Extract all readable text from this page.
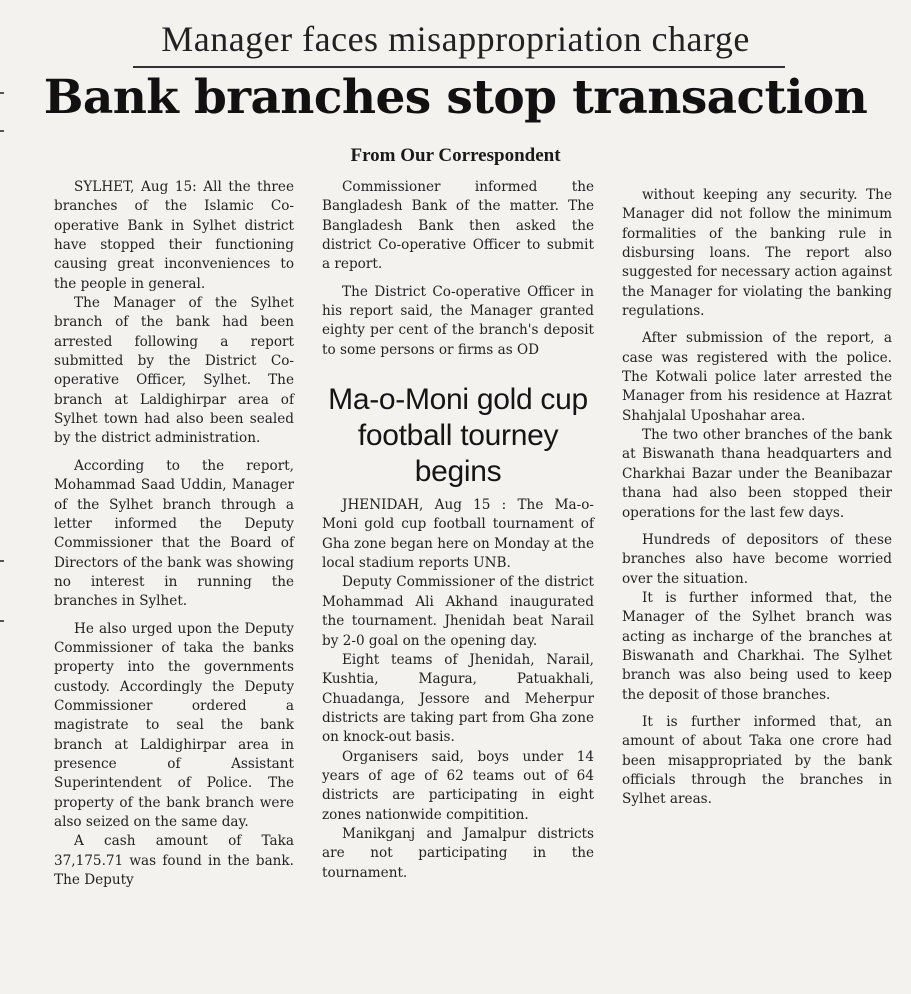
Manager faces misappropriation charge
Bank branches stop transaction
From Our Correspondent

SYLHET, Aug 15: All the three branches of the Islamic Co-operative Bank in Sylhet district have stopped their functioning causing great inconveniences to the people in general.

The Manager of the Sylhet branch of the bank had been arrested following a report submitted by the District Co-operative Officer, Sylhet. The branch at Laldighirpar area of Sylhet town had also been sealed by the district administration.

According to the report, Mohammad Saad Uddin, Manager of the Sylhet branch through a letter informed the Deputy Commissioner that the Board of Directors of the bank was showing no interest in running the branches in Sylhet.

He also urged upon the Deputy Commissioner of taka the banks property into the governments custody. Accordingly the Deputy Commissioner ordered a magistrate to seal the bank branch at Laldighirpar area in presence of Assistant Superintendent of Police. The property of the bank branch were also seized on the same day.

A cash amount of Taka 37,175.71 was found in the bank. The Deputy

Commissioner informed the Bangladesh Bank of the matter. The Bangladesh Bank then asked the district Co-operative Officer to submit a report.

The District Co-operative Officer in his report said, the Manager granted eighty per cent of the branch's deposit to some persons or firms as OD

Ma-o-Moni gold cup football tourney begins

JHENIDAH, Aug 15 : The Ma-o-Moni gold cup football tournament of Gha zone began here on Monday at the local stadium reports UNB.

Deputy Commissioner of the district Mohammad Ali Akhand inaugurated the tournament. Jhenidah beat Narail by 2-0 goal on the opening day.

Eight teams of Jhenidah, Narail, Kushtia, Magura, Patuakhali, Chuadanga, Jessore and Meherpur districts are taking part from Gha zone on knock-out basis.

Organisers said, boys under 14 years of age of 62 teams out of 64 districts are participating in eight zones nationwide compitition.

Manikganj and Jamalpur districts are not participating in the tournament.

without keeping any security. The Manager did not follow the minimum formalities of the banking rule in disbursing loans. The report also suggested for necessary action against the Manager for violating the banking regulations.

After submission of the report, a case was registered with the police. The Kotwali police later arrested the Manager from his residence at Hazrat Shahjalal Uposhahar area.

The two other branches of the bank at Biswanath thana headquarters and Charkhai Bazar under the Beanibazar thana had also been stopped their operations for the last few days.

Hundreds of depositors of these branches also have become worried over the situation.

It is further informed that, the Manager of the Sylhet branch was acting as incharge of the branches at Biswanath and Charkhai. The Sylhet branch was also being used to keep the deposit of those branches.

It is further informed that, an amount of about Taka one crore had been misappropriated by the bank officials through the branches in Sylhet areas.
